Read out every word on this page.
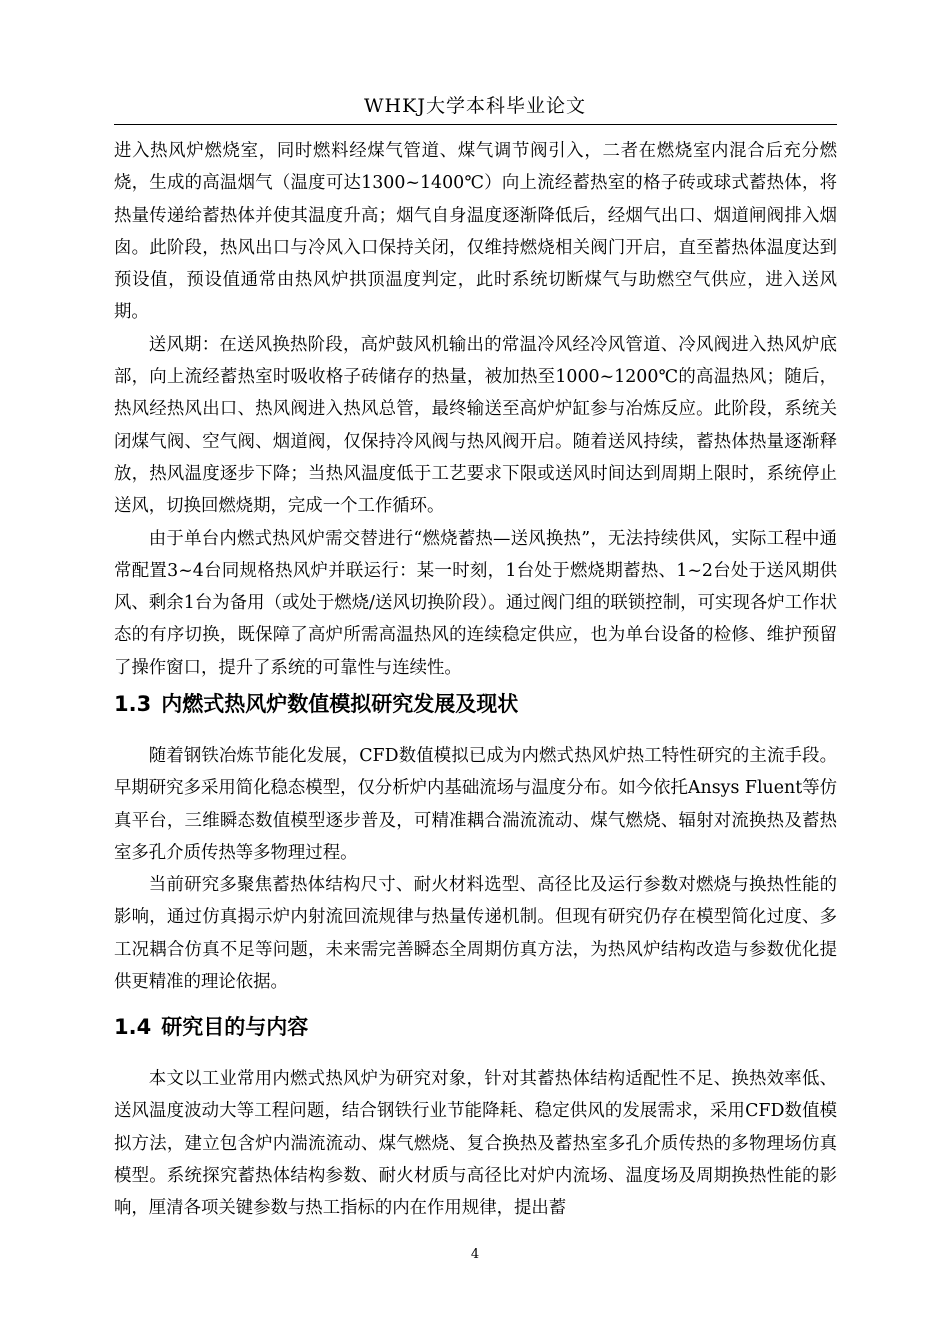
WHKJ大学本科毕业论文

进入热风炉燃烧室，同时燃料经煤气管道、煤气调节阀引入，二者在燃烧室内混合后充分燃烧，生成的高温烟气（温度可达1300~1400℃）向上流经蓄热室的格子砖或球式蓄热体，将热量传递给蓄热体并使其温度升高；烟气自身温度逐渐降低后，经烟气出口、烟道闸阀排入烟囱。此阶段，热风出口与冷风入口保持关闭，仅维持燃烧相关阀门开启，直至蓄热体温度达到预设值，预设值通常由热风炉拱顶温度判定，此时系统切断煤气与助燃空气供应，进入送风期。

送风期：在送风换热阶段，高炉鼓风机输出的常温冷风经冷风管道、冷风阀进入热风炉底部，向上流经蓄热室时吸收格子砖储存的热量，被加热至1000~1200℃的高温热风；随后，热风经热风出口、热风阀进入热风总管，最终输送至高炉炉缸参与冶炼反应。此阶段，系统关闭煤气阀、空气阀、烟道阀，仅保持冷风阀与热风阀开启。随着送风持续，蓄热体热量逐渐释放，热风温度逐步下降；当热风温度低于工艺要求下限或送风时间达到周期上限时，系统停止送风，切换回燃烧期，完成一个工作循环。

由于单台内燃式热风炉需交替进行“燃烧蓄热—送风换热”，无法持续供风，实际工程中通常配置3~4台同规格热风炉并联运行：某一时刻，1台处于燃烧期蓄热、1~2台处于送风期供风、剩余1台为备用（或处于燃烧/送风切换阶段）。通过阀门组的联锁控制，可实现各炉工作状态的有序切换，既保障了高炉所需高温热风的连续稳定供应，也为单台设备的检修、维护预留了操作窗口，提升了系统的可靠性与连续性。

1.3 内燃式热风炉数值模拟研究发展及现状

随着钢铁冶炼节能化发展，CFD数值模拟已成为内燃式热风炉热工特性研究的主流手段。早期研究多采用简化稳态模型，仅分析炉内基础流场与温度分布。如今依托Ansys Fluent等仿真平台，三维瞬态数值模型逐步普及，可精准耦合湍流流动、煤气燃烧、辐射对流换热及蓄热室多孔介质传热等多物理过程。

当前研究多聚焦蓄热体结构尺寸、耐火材料选型、高径比及运行参数对燃烧与换热性能的影响，通过仿真揭示炉内射流回流规律与热量传递机制。但现有研究仍存在模型简化过度、多工况耦合仿真不足等问题，未来需完善瞬态全周期仿真方法，为热风炉结构改造与参数优化提供更精准的理论依据。

1.4 研究目的与内容

本文以工业常用内燃式热风炉为研究对象，针对其蓄热体结构适配性不足、换热效率低、送风温度波动大等工程问题，结合钢铁行业节能降耗、稳定供风的发展需求，采用CFD数值模拟方法，建立包含炉内湍流流动、煤气燃烧、复合换热及蓄热室多孔介质传热的多物理场仿真模型。系统探究蓄热体结构参数、耐火材质与高径比对炉内流场、温度场及周期换热性能的影响，厘清各项关键参数与热工指标的内在作用规律，提出蓄

4
